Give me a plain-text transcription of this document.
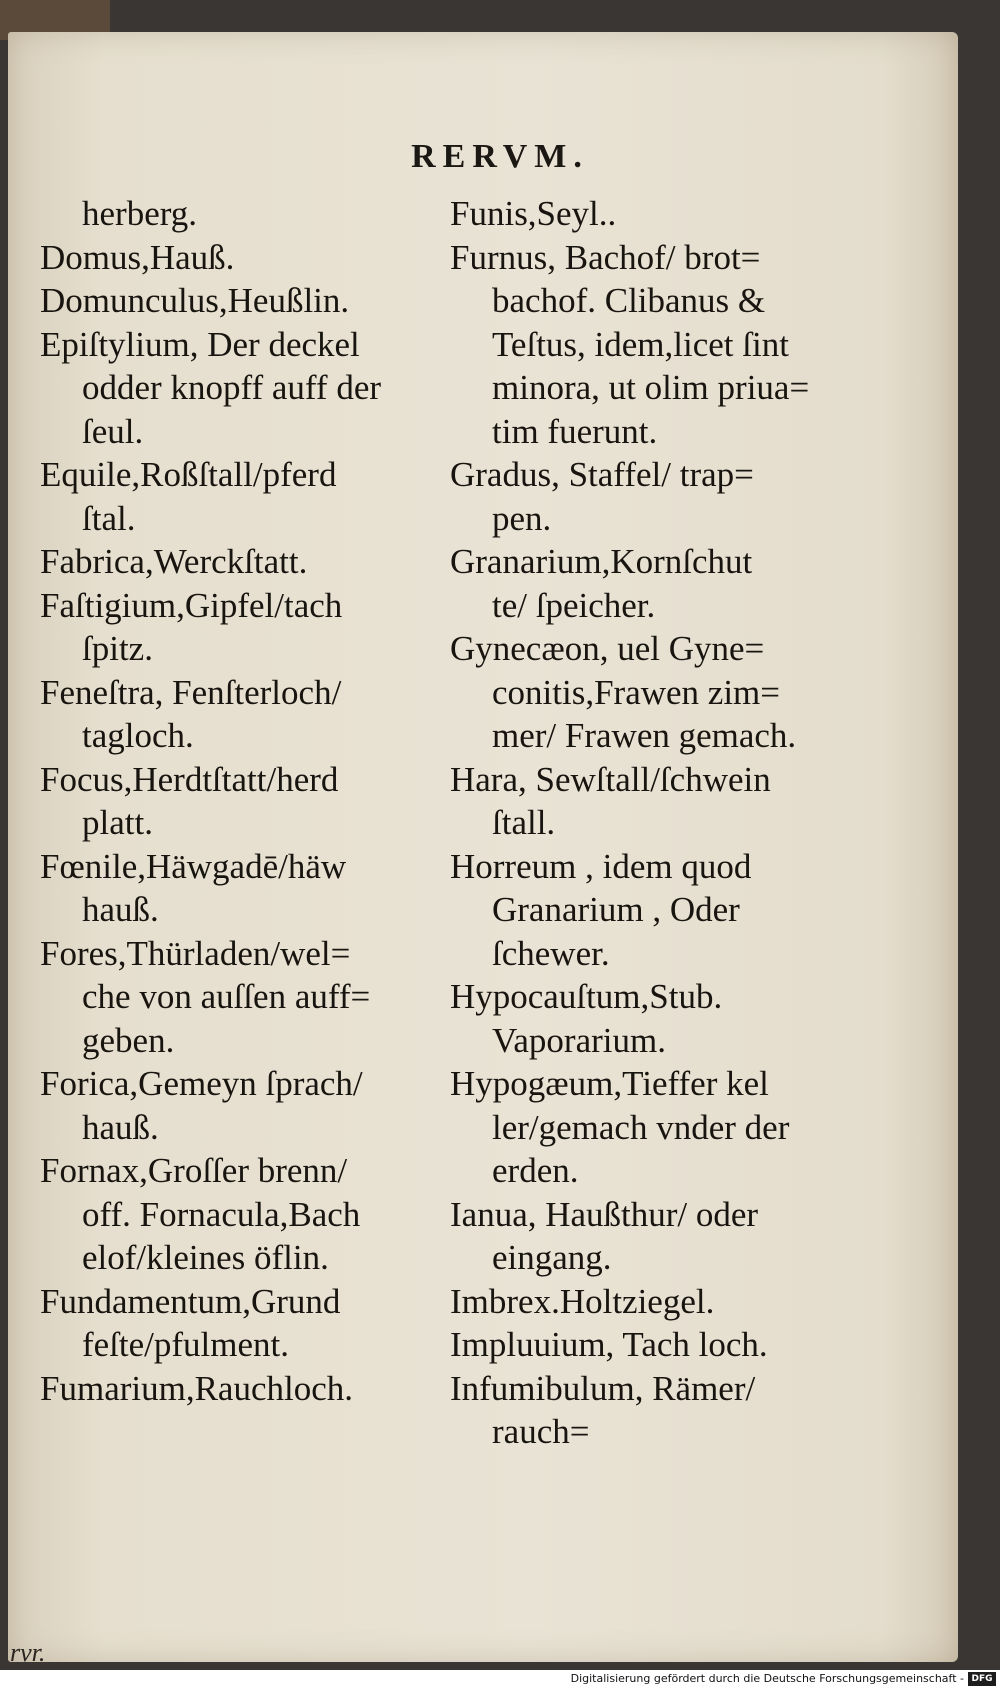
RERVM.
herberg.
Domus,Hauß.
Domunculus,Heußlin.
Epiſtylium, Der deckel
odder knopff auff der
ſeul.
Equile,Roßſtall/pferd
ſtal.
Fabrica,Werckſtatt.
Faſtigium,Gipfel/tach
ſpitz.
Feneſtra, Fenſterloch/
tagloch.
Focus,Herdtſtatt/herd
platt.
Fœnile,Häwgadē/häw
hauß.
Fores,Thürladen/wel=
che von auſſen auff=
geben.
Forica,Gemeyn ſprach/
hauß.
Fornax,Groſſer brenn/
off. Fornacula,Bach
elof/kleines öflin.
Fundamentum,Grund
feſte/pfulment.
Fumarium,Rauchloch.
Funis,Seyl..
Furnus, Bachof/ brot=
bachof. Clibanus &
Teſtus, idem,licet ſint
minora, ut olim priua=
tim fuerunt.
Gradus, Staffel/ trap=
pen.
Granarium,Kornſchut
te/ ſpeicher.
Gynecæon, uel Gyne=
conitis,Frawen zim=
mer/ Frawen gemach.
Hara, Sewſtall/ſchwein
ſtall.
Horreum , idem quod
Granarium , Oder
ſchewer.
Hypocauſtum,Stub.
Vaporarium.
Hypogæum,Tieffer kel
ler/gemach vnder der
erden.
Ianua, Haußthur/ oder
eingang.
Imbrex.Holtziegel.
Impluuium, Tach loch.
Infumibulum, Rämer/
rauch=
rvr.
Digitalisierung gefördert durch die Deutsche Forschungsgemeinschaft - DFG
